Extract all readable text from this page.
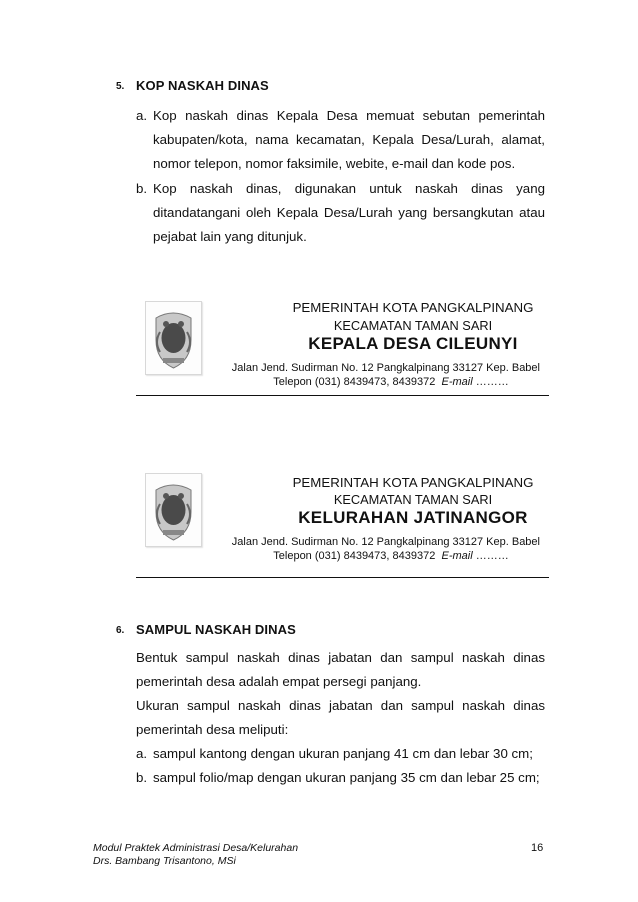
5. KOP NASKAH DINAS
a. Kop naskah dinas Kepala Desa memuat sebutan pemerintah
kabupaten/kota, nama kecamatan, Kepala Desa/Lurah, alamat,
nomor telepon, nomor faksimile, webite, e-mail dan kode pos.
b. Kop naskah dinas, digunakan untuk naskah dinas yang
ditandatangani oleh Kepala Desa/Lurah yang bersangkutan atau
pejabat lain yang ditunjuk.
PEMERINTAH KOTA PANGKALPINANG
KECAMATAN TAMAN SARI
KEPALA DESA CILEUNYI
Jalan Jend. Sudirman No. 12 Pangkalpinang 33127 Kep. Babel
Telepon (031) 8439473, 8439372 E-mail ………
PEMERINTAH KOTA PANGKALPINANG
KECAMATAN TAMAN SARI
KELURAHAN JATINANGOR
Jalan Jend. Sudirman No. 12 Pangkalpinang 33127 Kep. Babel
Telepon (031) 8439473, 8439372 E-mail ………
6. SAMPUL NASKAH DINAS
Bentuk sampul naskah dinas jabatan dan sampul naskah dinas
pemerintah desa adalah empat persegi panjang.
Ukuran sampul naskah dinas jabatan dan sampul naskah dinas
pemerintah desa meliputi:
a. sampul kantong dengan ukuran panjang 41 cm dan lebar 30 cm;
b. sampul folio/map dengan ukuran panjang 35 cm dan lebar 25 cm;
Modul Praktek Administrasi Desa/Kelurahan
Drs. Bambang Trisantono, MSi
16
